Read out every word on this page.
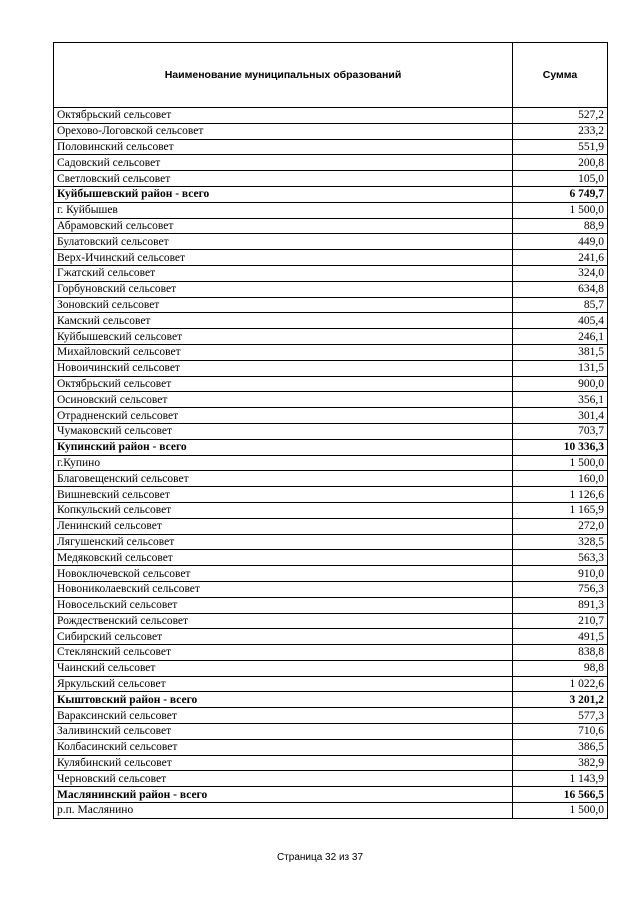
Наименование муниципальных образований	Сумма
Октябрьский сельсовет	527,2
Орехово-Логовской сельсовет	233,2
Половинский сельсовет	551,9
Садовский сельсовет	200,8
Светловский сельсовет	105,0
Куйбышевский район - всего	6 749,7
г. Куйбышев	1 500,0
Абрамовский сельсовет	88,9
Булатовский сельсовет	449,0
Верх-Ичинский сельсовет	241,6
Гжатский сельсовет	324,0
Горбуновский сельсовет	634,8
Зоновский сельсовет	85,7
Камский сельсовет	405,4
Куйбышевский сельсовет	246,1
Михайловский сельсовет	381,5
Новоичинский сельсовет	131,5
Октябрьский сельсовет	900,0
Осиновский сельсовет	356,1
Отрадненский сельсовет	301,4
Чумаковский сельсовет	703,7
Купинский район - всего	10 336,3
г.Купино	1 500,0
Благовещенский сельсовет	160,0
Вишневский сельсовет	1 126,6
Копкульский сельсовет	1 165,9
Ленинский сельсовет	272,0
Лягушенский сельсовет	328,5
Медяковский сельсовет	563,3
Новоключевской сельсовет	910,0
Новониколаевский сельсовет	756,3
Новосельский сельсовет	891,3
Рождественский сельсовет	210,7
Сибирский сельсовет	491,5
Стеклянский сельсовет	838,8
Чаинский сельсовет	98,8
Яркульский сельсовет	1 022,6
Кыштовский район - всего	3 201,2
Вараксинский сельсовет	577,3
Заливинский сельсовет	710,6
Колбасинский сельсовет	386,5
Кулябинский сельсовет	382,9
Черновский сельсовет	1 143,9
Маслянинский район - всего	16 566,5
р.п. Маслянино	1 500,0
Страница 32 из 37
